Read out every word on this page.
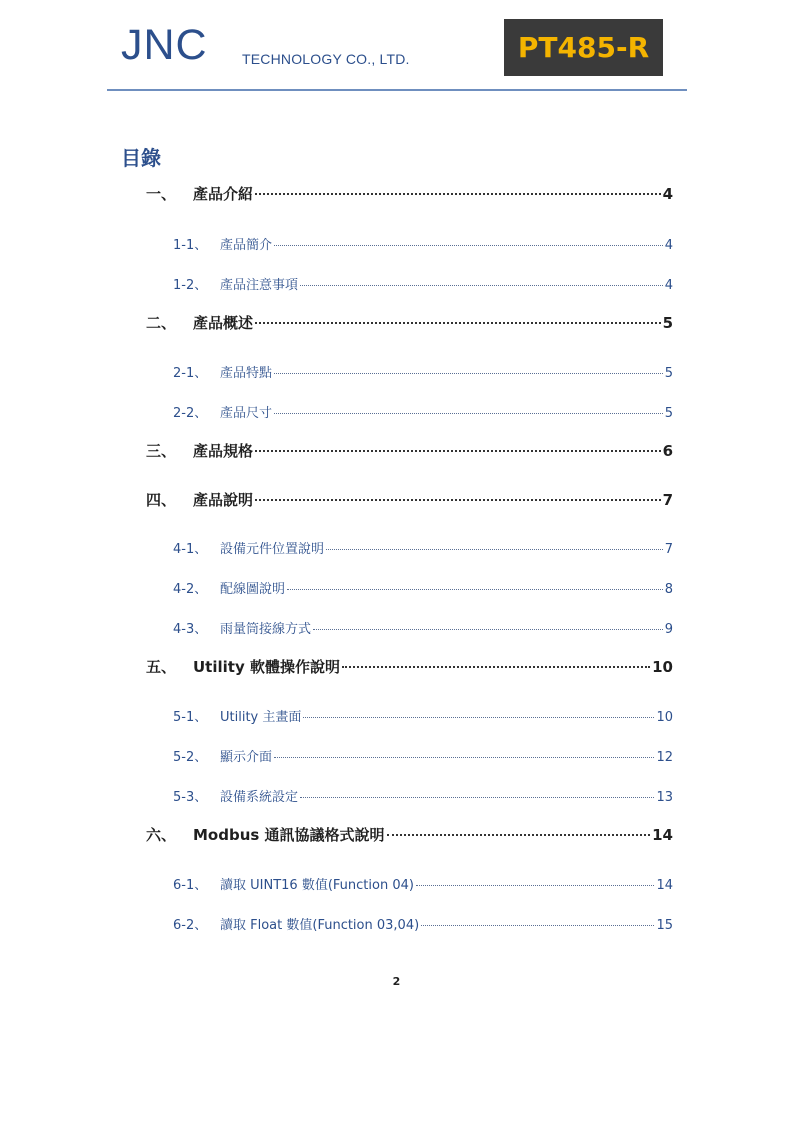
JNC TECHNOLOGY CO., LTD.	PT485-R
目錄
一、	產品介紹	4
1-1、 產品簡介	4
1-2、 產品注意事項	4
二、	產品概述	5
2-1、 產品特點	5
2-2、 產品尺寸	5
三、	產品規格	6
四、	產品說明	7
4-1、 設備元件位置說明	7
4-2、 配線圖說明	8
4-3、 雨量筒接線方式	9
五、	Utility 軟體操作說明	10
5-1、 Utility 主畫面	10
5-2、 顯示介面	12
5-3、 設備系統設定	13
六、	Modbus 通訊協議格式說明	14
6-1、 讀取 UINT16 數值(Function 04)	14
6-2、 讀取 Float 數值(Function 03,04)	15
2
